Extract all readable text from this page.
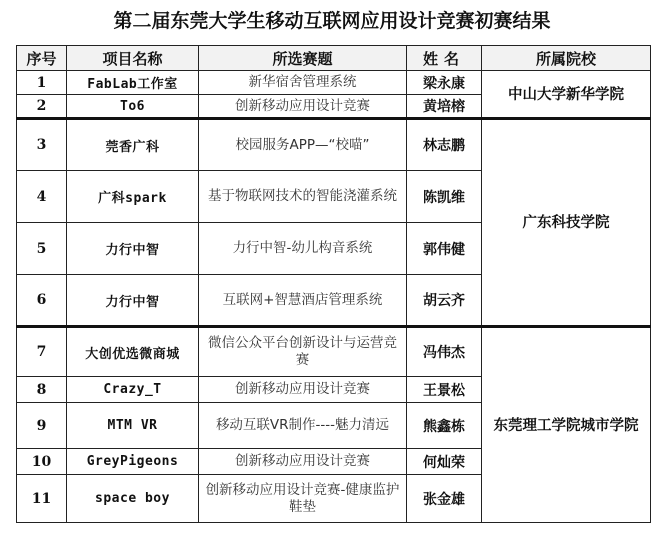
第二届东莞大学生移动互联网应用设计竞赛初赛结果
序号	项目名称	所选赛题	姓名	所属院校
1	FabLab工作室	新华宿舍管理系统	梁永康	中山大学新华学院
2	To6	创新移动应用设计竞赛	黄培榕	
3	莞香广科	校园服务APP—“校喵”	林志鹏	广东科技学院
4	广科spark	基于物联网技术的智能浇灌系统	陈凯维	
5	力行中智	力行中智-幼儿构音系统	郭伟健	
6	力行中智	互联网+智慧酒店管理系统	胡云齐	
7	大创优选微商城	微信公众平台创新设计与运营竞赛	冯伟杰	东莞理工学院城市学院
8	Crazy_T	创新移动应用设计竞赛	王景松	
9	MTM VR	移动互联VR制作----魅力清远	熊鑫栋	
10	GreyPigeons	创新移动应用设计竞赛	何灿荣	
11	space boy	创新移动应用设计竞赛-健康监护鞋垫	张金雄	
